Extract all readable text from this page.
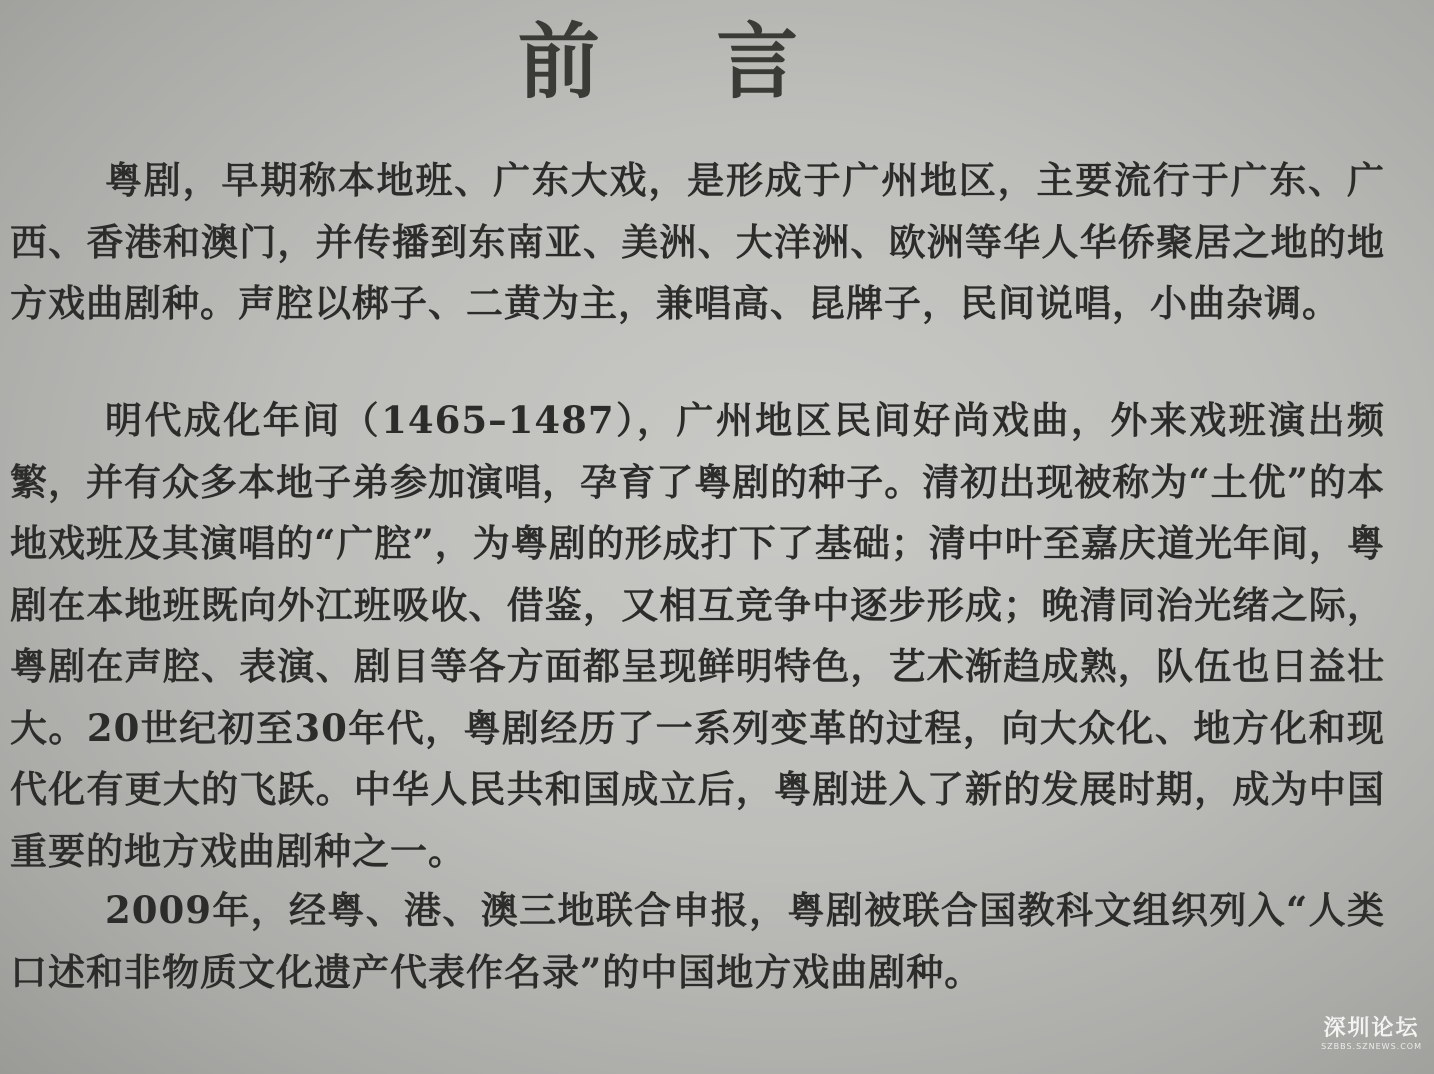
前 言
粤剧，早期称本地班、广东大戏，是形成于广州地区，主要流行于广东、广西、香港和澳门，并传播到东南亚、美洲、大洋洲、欧洲等华人华侨聚居之地的地方戏曲剧种。声腔以梆子、二黄为主，兼唱高、昆牌子，民间说唱，小曲杂调。
明代成化年间（1465–1487），广州地区民间好尚戏曲，外来戏班演出频繁，并有众多本地子弟参加演唱，孕育了粤剧的种子。清初出现被称为“土优”的本地戏班及其演唱的“广腔”，为粤剧的形成打下了基础；清中叶至嘉庆道光年间，粤剧在本地班既向外江班吸收、借鉴，又相互竞争中逐步形成；晚清同治光绪之际，粤剧在声腔、表演、剧目等各方面都呈现鲜明特色，艺术渐趋成熟，队伍也日益壮大。20世纪初至30年代，粤剧经历了一系列变革的过程，向大众化、地方化和现代化有更大的飞跃。中华人民共和国成立后，粤剧进入了新的发展时期，成为中国重要的地方戏曲剧种之一。
2009年，经粤、港、澳三地联合申报，粤剧被联合国教科文组织列入“人类口述和非物质文化遗产代表作名录”的中国地方戏曲剧种。
深圳论坛
SZBBS.SZNEWS.COM
